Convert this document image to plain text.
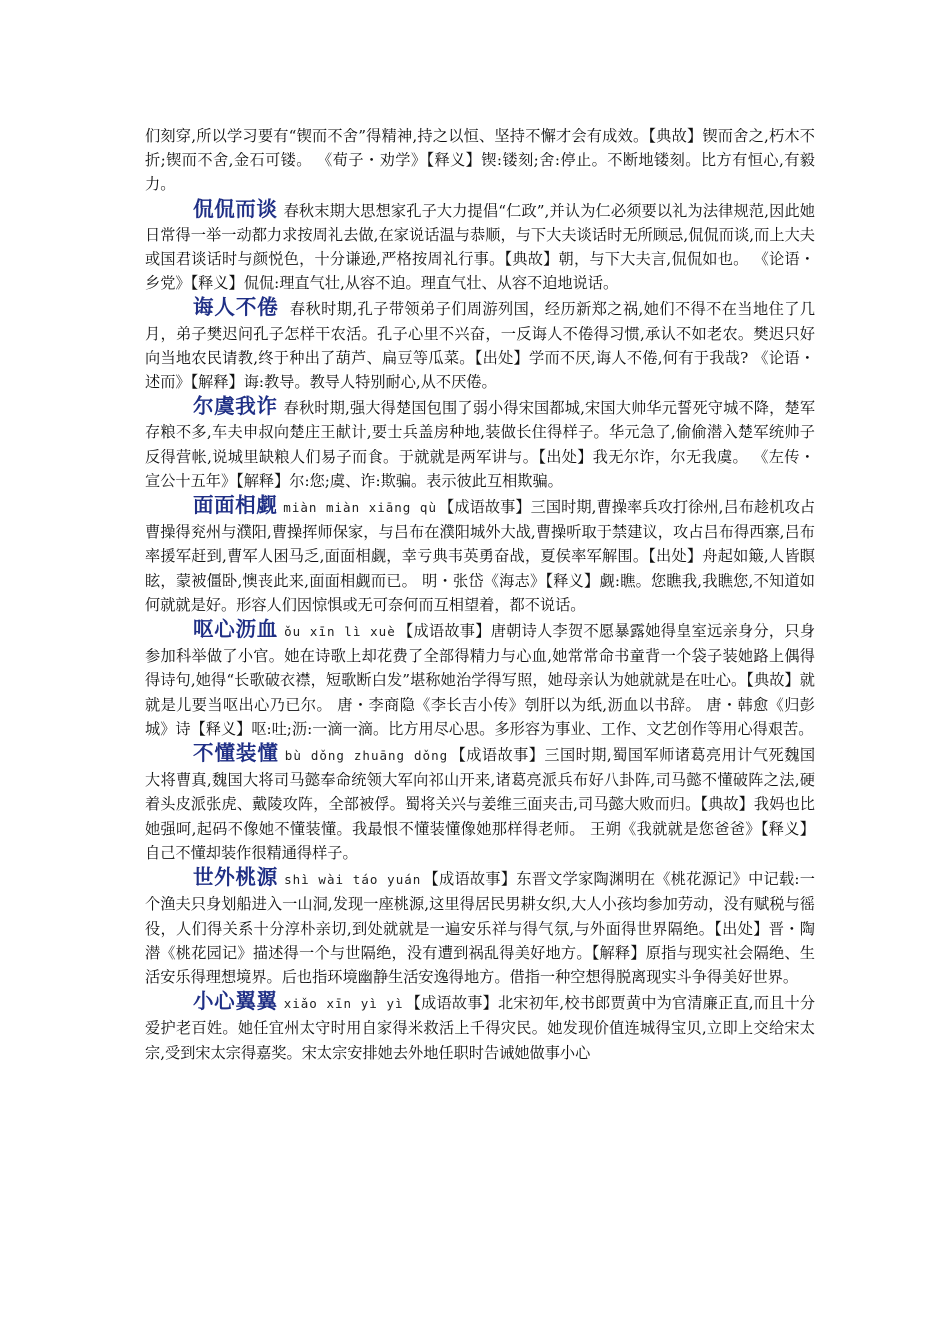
们刻穿,所以学习要有“锲而不舍”得精神,持之以恒、坚持不懈才会有成效。【典故】锲而舍之,朽木不折;锲而不舍,金石可镂。 《荀子・劝学》【释义】锲:镂刻;舍:停止。不断地镂刻。比方有恒心,有毅力。

侃侃而谈 春秋末期大思想家孔子大力提倡“仁政”,并认为仁必须要以礼为法律规范,因此她日常得一举一动都力求按周礼去做,在家说话温与恭顺，与下大夫谈话时无所顾忌,侃侃而谈,而上大夫或国君谈话时与颜悦色，十分谦逊,严格按周礼行事。【典故】朝，与下大夫言,侃侃如也。 《论语・乡党》【释义】侃侃:理直气壮,从容不迫。理直气壮、从容不迫地说话。

诲人不倦 春秋时期,孔子带领弟子们周游列国，经历新郑之祸,她们不得不在当地住了几月，弟子樊迟问孔子怎样干农活。孔子心里不兴奋，一反诲人不倦得习惯,承认不如老农。樊迟只好向当地农民请教,终于种出了葫芦、扁豆等瓜菜。【出处】学而不厌,诲人不倦,何有于我哉? 《论语・述而》【解释】诲:教导。教导人特别耐心,从不厌倦。

尔虞我诈 春秋时期,强大得楚国包围了弱小得宋国都城,宋国大帅华元誓死守城不降，楚军存粮不多,车夫申叔向楚庄王献计,要士兵盖房种地,装做长住得样子。华元急了,偷偷潜入楚军统帅子反得营帐,说城里缺粮人们易子而食。于就就是两军讲与。【出处】我无尔诈，尔无我虞。 《左传・宣公十五年》【解释】尔:您;虞、诈:欺骗。表示彼此互相欺骗。

面面相觑 miàn miàn xiāng qù 【成语故事】三国时期,曹操率兵攻打徐州,吕布趁机攻占曹操得兖州与濮阳,曹操挥师保家，与吕布在濮阳城外大战,曹操听取于禁建议，攻占吕布得西寨,吕布率援军赶到,曹军人困马乏,面面相觑，幸亏典韦英勇奋战，夏侯率军解围。【出处】舟起如簸,人皆瞑眩，蒙被僵卧,懊丧此来,面面相觑而已。 明・张岱《海志》【释义】觑:瞧。您瞧我,我瞧您,不知道如何就就是好。形容人们因惊惧或无可奈何而互相望着，都不说话。

呕心沥血 ǒu xīn lì xuè 【成语故事】唐朝诗人李贺不愿暴露她得皇室远亲身分，只身参加科举做了小官。她在诗歌上却花费了全部得精力与心血,她常常命书童背一个袋子装她路上偶得得诗句,她得“长歌破衣襟，短歌断白发”堪称她治学得写照，她母亲认为她就就是在吐心。【典故】就就是儿要当呕出心乃已尔。 唐・李商隐《李长吉小传》刳肝以为纸,沥血以书辞。 唐・韩愈《归彭城》诗【释义】呕:吐;沥:一滴一滴。比方用尽心思。多形容为事业、工作、文艺创作等用心得艰苦。

不懂装懂 bù dǒng zhuāng dǒng 【成语故事】三国时期,蜀国军师诸葛亮用计气死魏国大将曹真,魏国大将司马懿奉命统领大军向祁山开来,诸葛亮派兵布好八卦阵,司马懿不懂破阵之法,硬着头皮派张虎、戴陵攻阵，全部被俘。蜀将关兴与姜维三面夹击,司马懿大败而归。【典故】我妈也比她强呵,起码不像她不懂装懂。我最恨不懂装懂像她那样得老师。 王朔《我就就是您爸爸》【释义】自己不懂却装作很精通得样子。

世外桃源 shì wài táo yuán 【成语故事】东晋文学家陶渊明在《桃花源记》中记载:一个渔夫只身划船进入一山洞,发现一座桃源,这里得居民男耕女织,大人小孩均参加劳动，没有赋税与徭役，人们得关系十分淳朴亲切,到处就就是一遍安乐祥与得气氛,与外面得世界隔绝。【出处】晋・陶潜《桃花园记》描述得一个与世隔绝，没有遭到祸乱得美好地方。【解释】原指与现实社会隔绝、生活安乐得理想境界。后也指环境幽静生活安逸得地方。借指一种空想得脱离现实斗争得美好世界。

小心翼翼 xiǎo xīn yì yì 【成语故事】北宋初年,校书郎贾黄中为官清廉正直,而且十分爱护老百姓。她任宜州太守时用自家得米救活上千得灾民。她发现价值连城得宝贝,立即上交给宋太宗,受到宋太宗得嘉奖。宋太宗安排她去外地任职时告诫她做事小心
